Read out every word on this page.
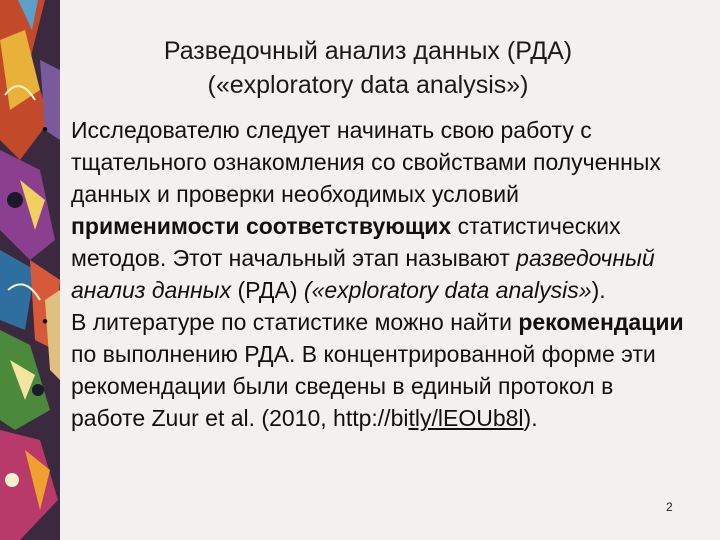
Разведочный анализ данных (РДА)
(«exploratory data analysis»)

• Исследователю следует начинать свою работу с тщательного ознакомления со свойствами полученных данных и проверки необходимых условий применимости соответствующих статистических методов. Этот начальный этап называют разведочный анализ данных (РДА) («exploratory data analysis»).

• В литературе по статистике можно найти рекомендации по выполнению РДА. В концентрированной форме эти рекомендации были сведены в единый протокол в работе Zuur et al. (2010, http://bitly/lEOUb8l).

2
